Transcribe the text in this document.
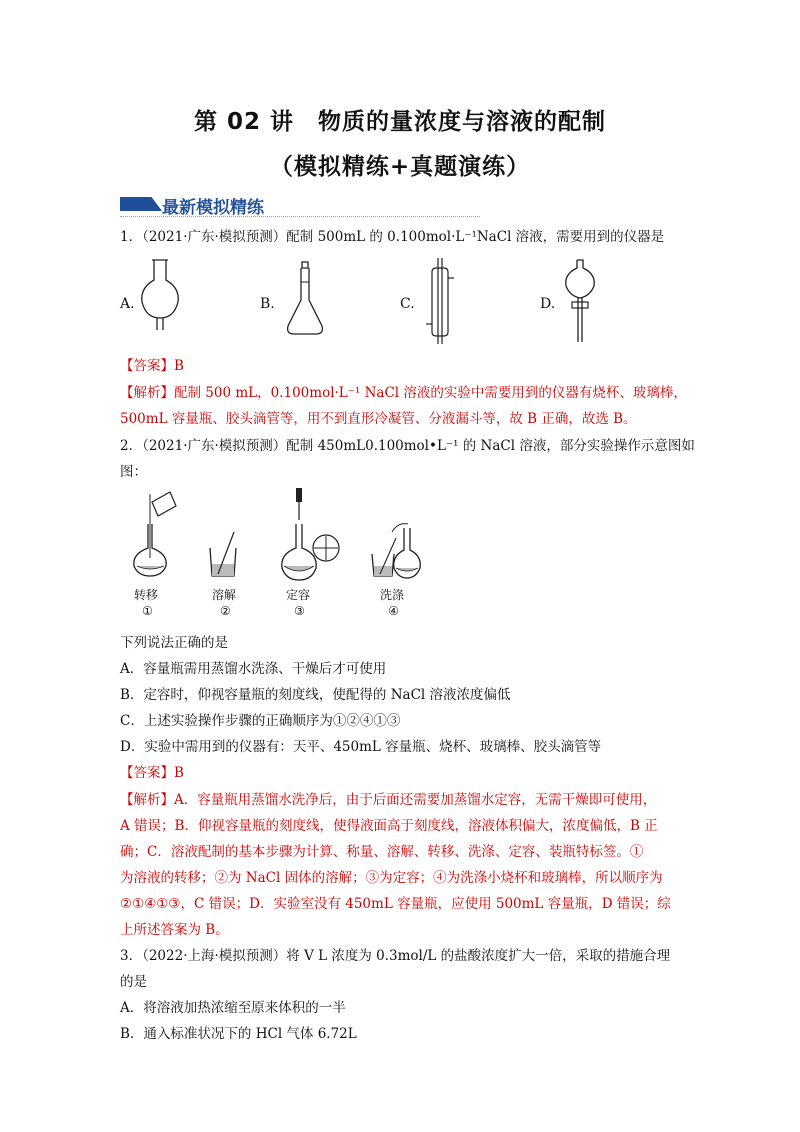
第 02 讲　物质的量浓度与溶液的配制
（模拟精练+真题演练）
最新模拟精练
1．（2021·广东·模拟预测）配制 500mL 的 0.100mol·L⁻¹NaCl 溶液，需要用到的仪器是
A.	B.	C.	D.
【答案】B
【解析】配制 500 mL，0.100mol·L⁻¹ NaCl 溶液的实验中需要用到的仪器有烧杯、玻璃棒，
500mL 容量瓶、胶头滴管等，用不到直形冷凝管、分液漏斗等，故 B 正确，故选 B。
2．（2021·广东·模拟预测）配制 450mL0.100mol•L⁻¹ 的 NaCl 溶液，部分实验操作示意图如
图：
转移	溶解	定容	洗涤
①	②	③	④
下列说法正确的是
A．容量瓶需用蒸馏水洗涤、干燥后才可使用
B．定容时，仰视容量瓶的刻度线，使配得的 NaCl 溶液浓度偏低
C．上述实验操作步骤的正确顺序为①②④①③
D．实验中需用到的仪器有：天平、450mL 容量瓶、烧杯、玻璃棒、胶头滴管等
【答案】B
【解析】A．容量瓶用蒸馏水洗净后，由于后面还需要加蒸馏水定容，无需干燥即可使用，
A 错误；B．仰视容量瓶的刻度线，使得液面高于刻度线，溶液体积偏大，浓度偏低，B 正
确；C．溶液配制的基本步骤为计算、称量、溶解、转移、洗涤、定容、装瓶特标签。①
为溶液的转移；②为 NaCl 固体的溶解；③为定容；④为洗涤小烧杯和玻璃棒，所以顺序为
②①④①③，C 错误；D．实验室没有 450mL 容量瓶，应使用 500mL 容量瓶，D 错误；综
上所述答案为 B。
3．（2022·上海·模拟预测）将 V L 浓度为 0.3mol/L 的盐酸浓度扩大一倍，采取的措施合理
的是
A．将溶液加热浓缩至原来体积的一半
B．通入标准状况下的 HCl 气体 6.72L
